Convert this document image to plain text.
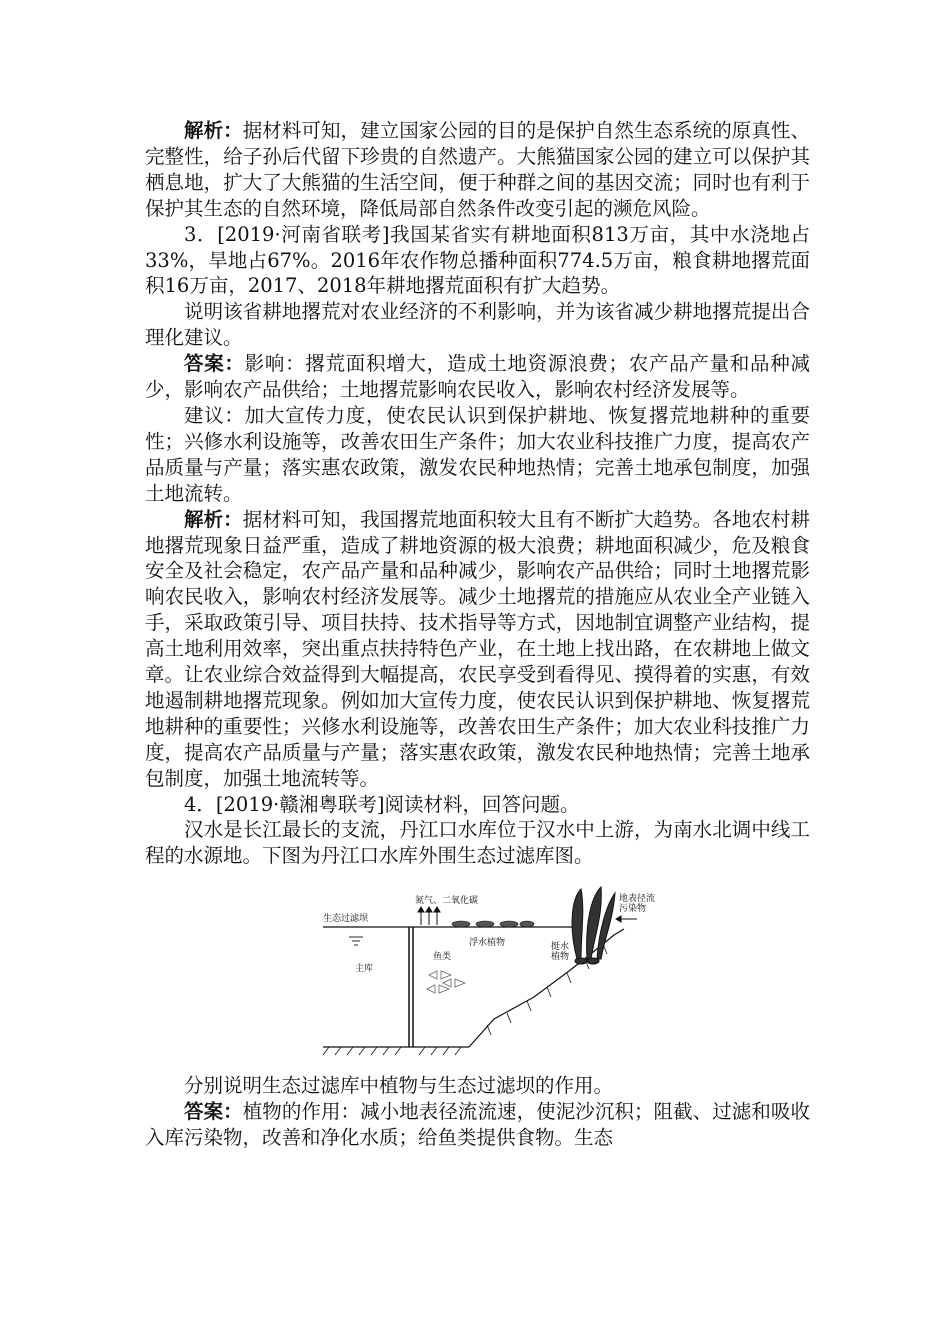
解析：据材料可知，建立国家公园的目的是保护自然生态系统的原真性、完整性，给子孙后代留下珍贵的自然遗产。大熊猫国家公园的建立可以保护其栖息地，扩大了大熊猫的生活空间，便于种群之间的基因交流；同时也有利于保护其生态的自然环境，降低局部自然条件改变引起的濒危风险。

3．[2019·河南省联考]我国某省实有耕地面积813万亩，其中水浇地占33%，旱地占67%。2016年农作物总播种面积774.5万亩，粮食耕地撂荒面积16万亩，2017、2018年耕地撂荒面积有扩大趋势。

说明该省耕地撂荒对农业经济的不利影响，并为该省减少耕地撂荒提出合理化建议。

答案：影响：撂荒面积增大，造成土地资源浪费；农产品产量和品种减少，影响农产品供给；土地撂荒影响农民收入，影响农村经济发展等。

建议：加大宣传力度，使农民认识到保护耕地、恢复撂荒地耕种的重要性；兴修水利设施等，改善农田生产条件；加大农业科技推广力度，提高农产品质量与产量；落实惠农政策，激发农民种地热情；完善土地承包制度，加强土地流转。

解析：据材料可知，我国撂荒地面积较大且有不断扩大趋势。各地农村耕地撂荒现象日益严重，造成了耕地资源的极大浪费；耕地面积减少，危及粮食安全及社会稳定，农产品产量和品种减少，影响农产品供给；同时土地撂荒影响农民收入，影响农村经济发展等。减少土地撂荒的措施应从农业全产业链入手，采取政策引导、项目扶持、技术指导等方式，因地制宜调整产业结构，提高土地利用效率，突出重点扶持特色产业，在土地上找出路，在农耕地上做文章。让农业综合效益得到大幅提高，农民享受到看得见、摸得着的实惠，有效地遏制耕地撂荒现象。例如加大宣传力度，使农民认识到保护耕地、恢复撂荒地耕种的重要性；兴修水利设施等，改善农田生产条件；加大农业科技推广力度，提高农产品质量与产量；落实惠农政策，激发农民种地热情；完善土地承包制度，加强土地流转等。

4．[2019·赣湘粤联考]阅读材料，回答问题。

汉水是长江最长的支流，丹江口水库位于汉水中上游，为南水北调中线工程的水源地。下图为丹江口水库外围生态过滤库图。

生态过滤坝
氮气、二氧化碳	地表径流
污染物
主库
鱼类
浮水植物	挺水
植物

分别说明生态过滤库中植物与生态过滤坝的作用。

答案：植物的作用：减小地表径流流速，使泥沙沉积；阻截、过滤和吸收入库污染物，改善和净化水质；给鱼类提供食物。生态
